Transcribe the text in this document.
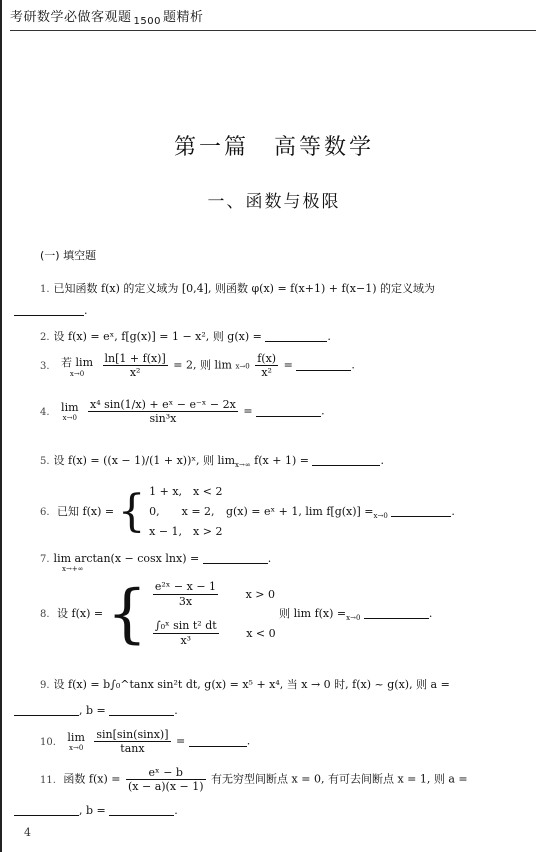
考研数学必做客观题 $_{1500}$ 题精析
第一篇　高等数学
一、函数与极限
(一) 填空题
1. 已知函数 f(x) 的定义域为 [0,4], 则函数 φ(x) = f(x+1) + f(x−1) 的定义域为
.
2. 设 f(x) = eˣ, f[g(x)] = 1 − x², 则 g(x) =	.
3. 若 lim
x→0
	$\frac{\ln[1 + f(x)]}{\text{x²}} = 2$, 则 $\lim x\to 0 \frac{f(x)}{\text{x²}}$ =	.
4. lim
x→0
	$\frac{\text{x⁴ sin(1/x) + eˣ − e⁻ˣ − 2x}}{\text{sin³x}}$ =	.
5. 设 f(x) = ((x − 1)/(1 + x))ˣ, 则 $\lim_{x\to\infty} f(x + 1)$ =	.
6. 已知 f(x) = { 1 + x,　x < 2
0,　　x = 2,
x − 1,　x > 2
g(x) = eˣ + 1, $\lim f[g(x)] =_{x\to 0}$	.
7. lim arctan(x − cosx lnx) =	.
x→+∞
8. 设 f(x) = { $\frac{\text{e²ˣ − x − 1}}{3x}$	x > 0
$\frac{\text{∫₀ˣ sin t² dt}}{\text{x³}}$	x < 0
则 $\lim f(x) =_{x\to 0}$	.
9. 设 f(x) = b∫₀^tanx sin²t dt, g(x) = x⁵ + x⁴, 当 x → 0 时, f(x) ~ g(x), 则 a =
, b =	.
10. lim
x→0
	$\frac{\sin[\sin(\sin x)]}{\tan x}$ =	.
11. 函数 $f(x) = \frac{\text{eˣ − b}}{(x - a)(x - 1)}$ 有无穷型间断点 x = 0, 有可去间断点 x = 1, 则 a =
, b =	.
4
